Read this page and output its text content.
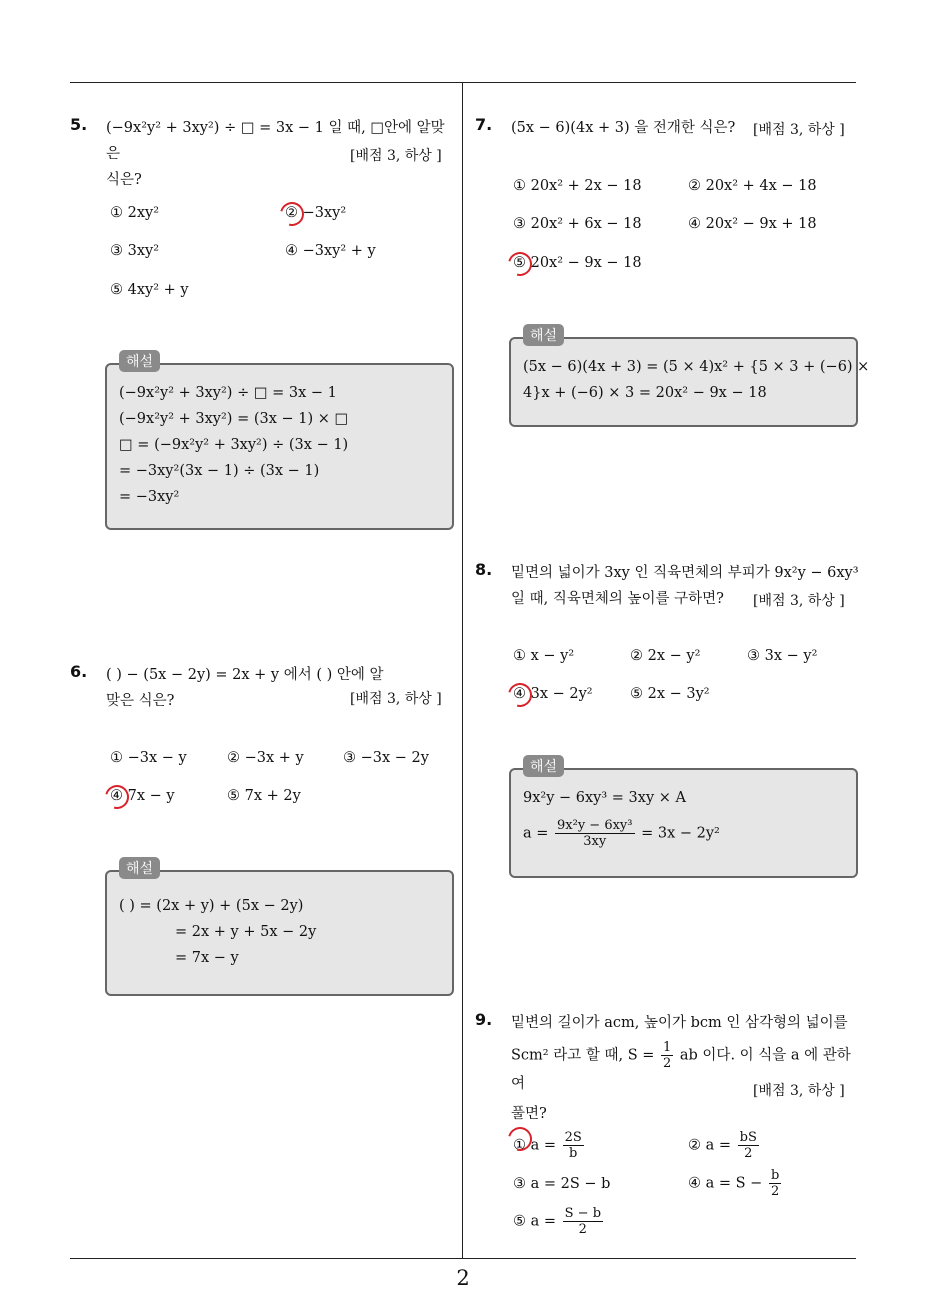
2
5. (−9x²y² + 3xy²) ÷ □ = 3x − 1 일 때, □안에 알맞은
식은?
[배점 3, 하상 ]
① 2xy²	② −3xy²
③ 3xy²	④ −3xy² + y
⑤ 4xy² + y
해설
(−9x²y² + 3xy²) ÷ □ = 3x − 1
(−9x²y² + 3xy²) = (3x − 1) × □
□ = (−9x²y² + 3xy²) ÷ (3x − 1)
= −3xy²(3x − 1) ÷ (3x − 1)
= −3xy²
6. ( ) − (5x − 2y) = 2x + y 에서 ( ) 안에 알
맞은 식은?	[배점 3, 하상 ]
① −3x − y	② −3x + y	③ −3x − 2y
④ 7x − y	⑤ 7x + 2y
해설
( ) = (2x + y) + (5x − 2y)
= 2x + y + 5x − 2y
= 7x − y
7. (5x − 6)(4x + 3) 을 전개한 식은? [배점 3, 하상 ]
① 20x² + 2x − 18	② 20x² + 4x − 18
③ 20x² + 6x − 18	④ 20x² − 9x + 18
⑤ 20x² − 9x − 18
해설
(5x − 6)(4x + 3) = (5 × 4)x² + {5 × 3 + (−6) ×
4}x + (−6) × 3 = 20x² − 9x − 18
8. 밑면의 넓이가 3xy 인 직육면체의 부피가 9x²y − 6xy³
일 때, 직육면체의 높이를 구하면?	[배점 3, 하상 ]
① x − y²	② 2x − y²	③ 3x − y²
④ 3x − 2y²	⑤ 2x − 3y²
해설
9x²y − 6xy³ = 3xy × A
$a = \frac{\text{9x²y − 6xy³}}{3xy} = 3x - 2y^2$
9. 밑변의 길이가 acm, 높이가 bcm 인 삼각형의 넓이를
Scm² 라고 할 때, $S = \frac{1}{2}$ ab 이다. 이 식을 a 에 관하여
풀면?
[배점 3, 하상 ]
① $a = \frac{2S}{b}$	② $a = \frac{bS}{2}$
③ a = 2S − b	④ $a = S - \frac{b}{2}$
⑤ $a = \frac{S - b}{2}$
